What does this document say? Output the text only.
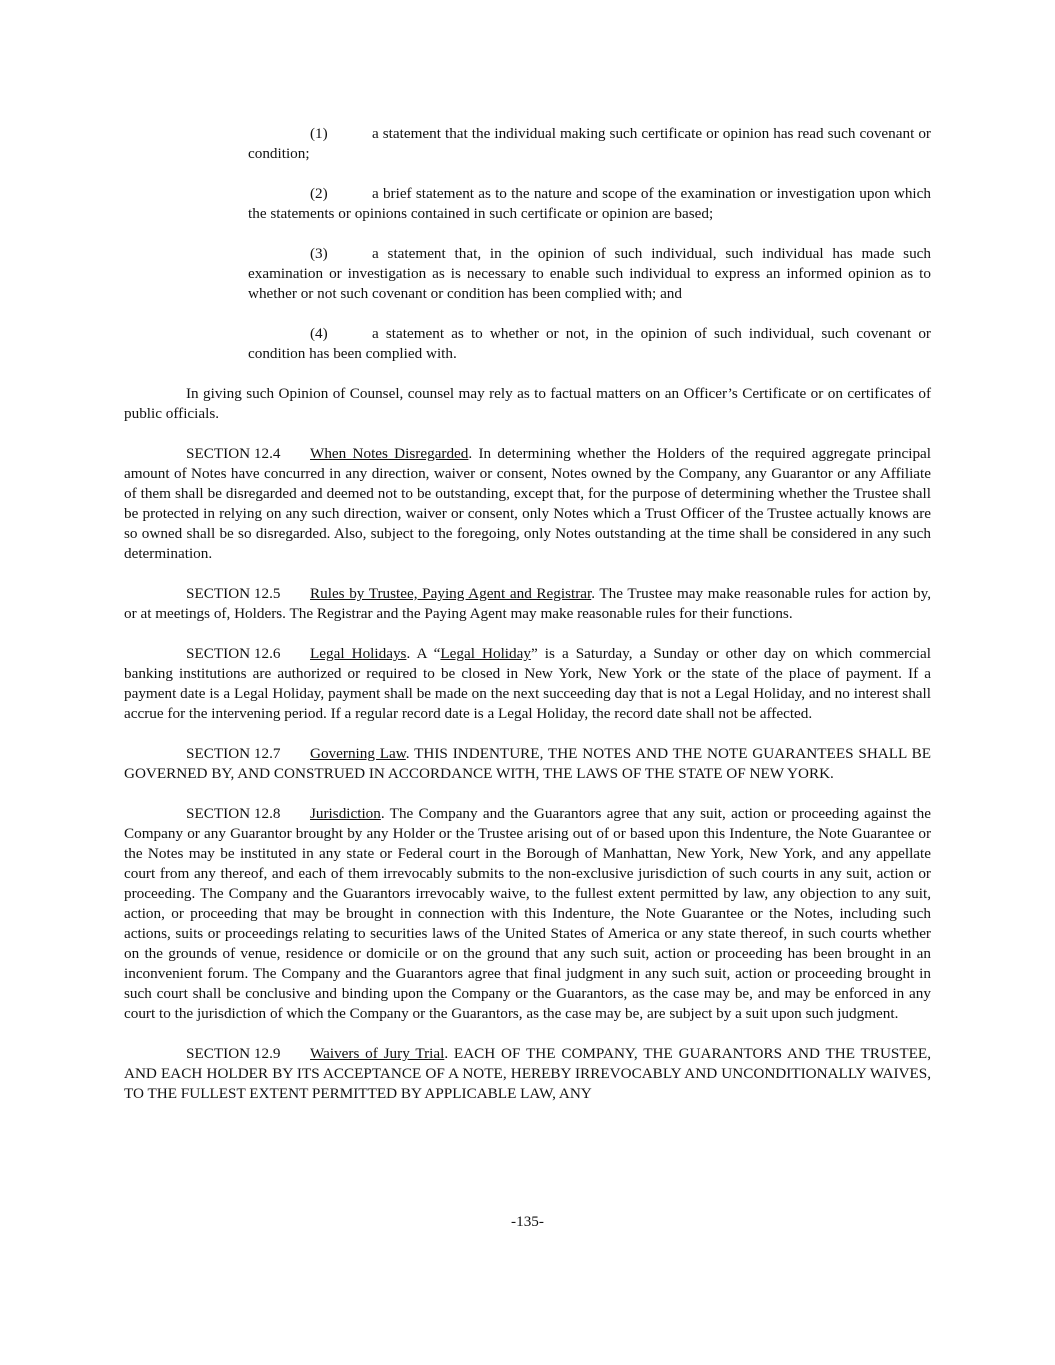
(1)	a statement that the individual making such certificate or opinion has read such covenant or condition;

(2)	a brief statement as to the nature and scope of the examination or investigation upon which the statements or opinions contained in such certificate or opinion are based;

(3)	a statement that, in the opinion of such individual, such individual has made such examination or investigation as is necessary to enable such individual to express an informed opinion as to whether or not such covenant or condition has been complied with; and

(4)	a statement as to whether or not, in the opinion of such individual, such covenant or condition has been complied with.

In giving such Opinion of Counsel, counsel may rely as to factual matters on an Officer’s Certificate or on certificates of public officials.

SECTION 12.4 When Notes Disregarded. In determining whether the Holders of the required aggregate principal amount of Notes have concurred in any direction, waiver or consent, Notes owned by the Company, any Guarantor or any Affiliate of them shall be disregarded and deemed not to be outstanding, except that, for the purpose of determining whether the Trustee shall be protected in relying on any such direction, waiver or consent, only Notes which a Trust Officer of the Trustee actually knows are so owned shall be so disregarded. Also, subject to the foregoing, only Notes outstanding at the time shall be considered in any such determination.

SECTION 12.5 Rules by Trustee, Paying Agent and Registrar. The Trustee may make reasonable rules for action by, or at meetings of, Holders. The Registrar and the Paying Agent may make reasonable rules for their functions.

SECTION 12.6 Legal Holidays. A “Legal Holiday” is a Saturday, a Sunday or other day on which commercial banking institutions are authorized or required to be closed in New York, New York or the state of the place of payment. If a payment date is a Legal Holiday, payment shall be made on the next succeeding day that is not a Legal Holiday, and no interest shall accrue for the intervening period. If a regular record date is a Legal Holiday, the record date shall not be affected.

SECTION 12.7 Governing Law. THIS INDENTURE, THE NOTES AND THE NOTE GUARANTEES SHALL BE GOVERNED BY, AND CONSTRUED IN ACCORDANCE WITH, THE LAWS OF THE STATE OF NEW YORK.

SECTION 12.8 Jurisdiction. The Company and the Guarantors agree that any suit, action or proceeding against the Company or any Guarantor brought by any Holder or the Trustee arising out of or based upon this Indenture, the Note Guarantee or the Notes may be instituted in any state or Federal court in the Borough of Manhattan, New York, New York, and any appellate court from any thereof, and each of them irrevocably submits to the non-exclusive jurisdiction of such courts in any suit, action or proceeding. The Company and the Guarantors irrevocably waive, to the fullest extent permitted by law, any objection to any suit, action, or proceeding that may be brought in connection with this Indenture, the Note Guarantee or the Notes, including such actions, suits or proceedings relating to securities laws of the United States of America or any state thereof, in such courts whether on the grounds of venue, residence or domicile or on the ground that any such suit, action or proceeding has been brought in an inconvenient forum. The Company and the Guarantors agree that final judgment in any such suit, action or proceeding brought in such court shall be conclusive and binding upon the Company or the Guarantors, as the case may be, and may be enforced in any court to the jurisdiction of which the Company or the Guarantors, as the case may be, are subject by a suit upon such judgment.

SECTION 12.9 Waivers of Jury Trial. EACH OF THE COMPANY, THE GUARANTORS AND THE TRUSTEE, AND EACH HOLDER BY ITS ACCEPTANCE OF A NOTE, HEREBY IRREVOCABLY AND UNCONDITIONALLY WAIVES, TO THE FULLEST EXTENT PERMITTED BY APPLICABLE LAW, ANY

-135-
